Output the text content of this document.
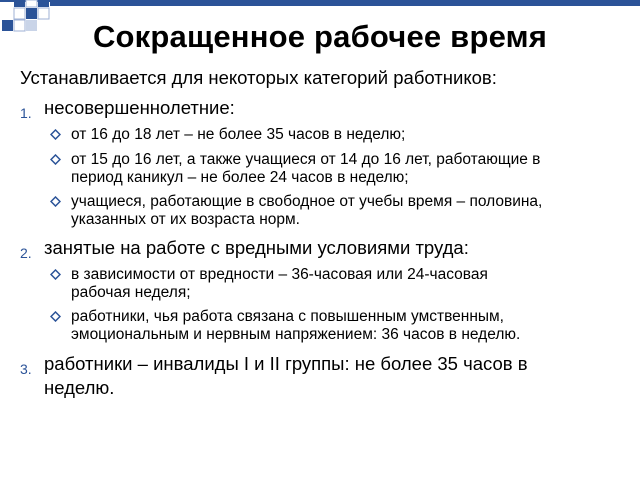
Сокращенное рабочее время
Устанавливается для некоторых категорий работников:
1. несовершеннолетние:
от 16 до 18 лет – не более 35 часов в неделю;
от 15 до 16 лет, а также учащиеся от 14 до 16 лет, работающие в
период каникул – не более 24 часов в неделю;
учащиеся, работающие в свободное от учебы время – половина,
указанных от их возраста норм.
2. занятые на работе с вредными условиями труда:
в зависимости от вредности – 36-часовая или 24-часовая
рабочая неделя;
работники, чья работа связана с повышенным умственным,
эмоциональным и нервным напряжением: 36 часов в неделю.
3. работники – инвалиды I и II группы: не более 35 часов в
неделю.
